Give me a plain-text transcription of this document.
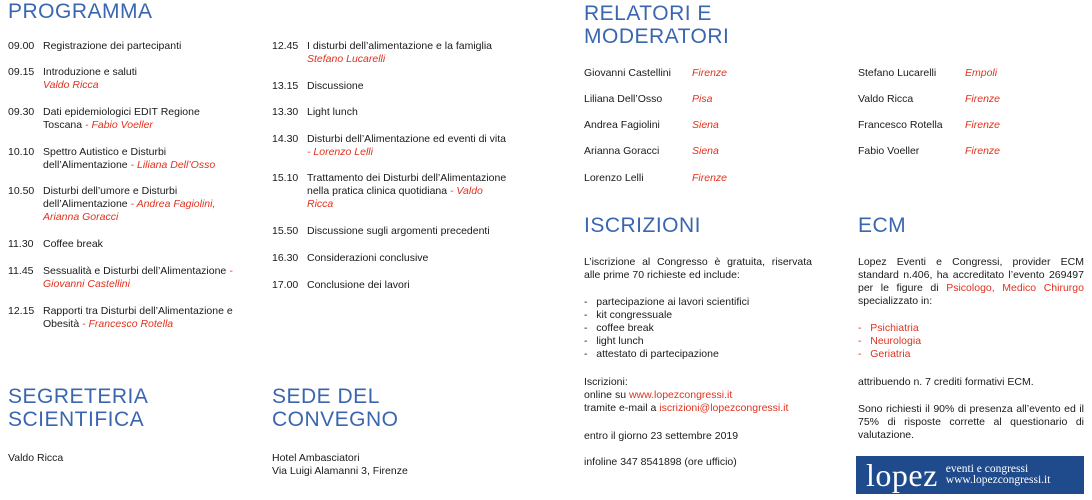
PROGRAMMA
SEGRETERIA
SCIENTIFICA
SEDE DEL
CONVEGNO
RELATORI E
MODERATORI
ISCRIZIONI	ECM
09.00 Registrazione dei partecipanti
09.15 Introduzione e saluti
Valdo Ricca
09.30 Dati epidemiologici EDIT Regione Toscana - Fabio Voeller
10.10 Spettro Autistico e Disturbi dell’Alimentazione - Liliana Dell’Osso
10.50 Disturbi dell’umore e Disturbi dell’Alimentazione - Andrea Fagiolini, Arianna Goracci
11.30 Coffee break
11.45 Sessualità e Disturbi dell’Alimentazione - Giovanni Castellini
12.15 Rapporti tra Disturbi dell’Alimentazione e Obesità - Francesco Rotella
12.45 I disturbi dell’alimentazione e la famiglia
Stefano Lucarelli
13.15 Discussione
13.30 Light lunch
14.30 Disturbi dell’Alimentazione ed eventi di vita - Lorenzo Lelli
15.10 Trattamento dei Disturbi dell’Alimentazione nella pratica clinica quotidiana - Valdo Ricca
15.50 Discussione sugli argomenti precedenti
16.30 Considerazioni conclusive
17.00 Conclusione dei lavori
Valdo Ricca	Hotel Ambasciatori
Via Luigi Alamanni 3, Firenze
Giovanni Castellini Firenze
Liliana Dell’Osso	Pisa
Andrea Fagiolini	Siena
Arianna Goracci	Siena
Lorenzo Lelli	Firenze
Stefano Lucarelli	Empoli
Valdo Ricca	Firenze
Francesco Rotella Firenze
Fabio Voeller	Firenze
L’iscrizione al Congresso è gratuita, riservata alle prime 70 richieste ed include:
-   partecipazione ai lavori scientifici
-   kit congressuale
-   coffee break
-   light lunch
-   attestato di partecipazione
Iscrizioni:
online su www.lopezcongressi.it
tramite e-mail a iscrizioni@lopezcongressi.it
entro il giorno 23 settembre 2019
infoline 347 8541898 (ore ufficio)
Lopez Eventi e Congressi, provider ECM standard n.406, ha accreditato l’evento 269497 per le figure di Psicologo, Medico Chirurgo specializzato in:
-   Psichiatria
-   Neurologia
-   Geriatria
attribuendo n. 7 crediti formativi ECM.
Sono richiesti il 90% di presenza all’evento ed il 75% di risposte corrette al questionario di valutazione.
lopez eventi e congressi
www.lopezcongressi.it
